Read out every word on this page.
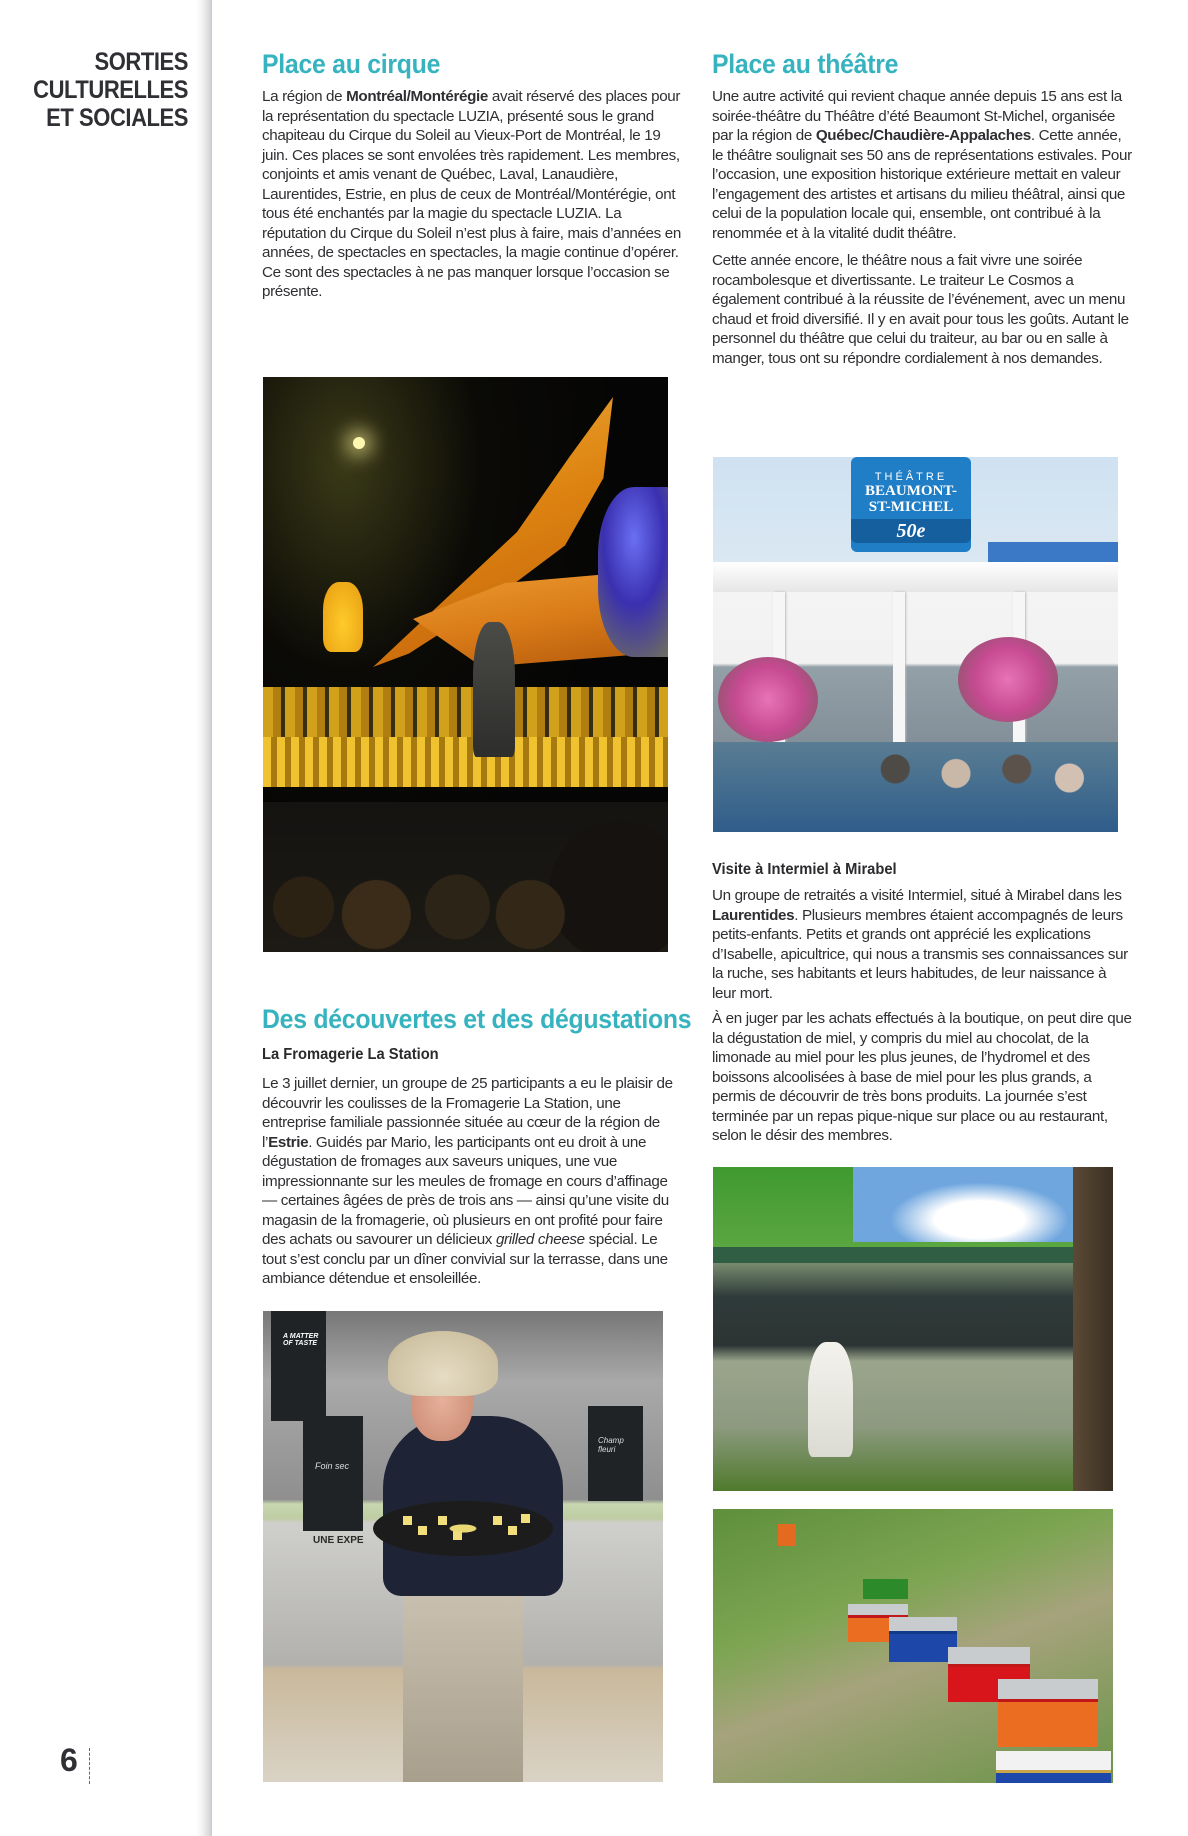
SORTIES
CULTURELLES
ET SOCIALES
6
Place au cirque

La région de Montréal/Montérégie avait réservé des places pour la représentation du spectacle LUZIA, présenté sous le grand chapiteau du Cirque du Soleil au Vieux-Port de Montréal, le 19 juin. Ces places se sont envolées très rapidement. Les membres, conjoints et amis venant de Québec, Laval, Lanaudière, Laurentides, Estrie, en plus de ceux de Montréal/Montérégie, ont tous été enchantés par la magie du spectacle LUZIA. La réputation du Cirque du Soleil n’est plus à faire, mais d’années en années, de spectacles en spectacles, la magie continue d’opérer. Ce sont des spectacles à ne pas manquer lorsque l’occasion se présente.

Des découvertes et des dégustations
La Fromagerie La Station

Le 3 juillet dernier, un groupe de 25 participants a eu le plaisir de découvrir les coulisses de la Fromagerie La Station, une entreprise familiale passionnée située au cœur de la région de l’Estrie. Guidés par Mario, les participants ont eu droit à une dégustation de fromages aux saveurs uniques, une vue impressionnante sur les meules de fromage en cours d’affinage — certaines âgées de près de trois ans — ainsi qu’une visite du magasin de la fromagerie, où plusieurs en ont profité pour faire des achats ou savourer un délicieux grilled cheese spécial. Le tout s’est conclu par un dîner convivial sur la terrasse, dans une ambiance détendue et ensoleillée.

A MATTER OF TASTE
Foin sec
Champ fleuri
UNE EXPE
Place au théâtre

Une autre activité qui revient chaque année depuis 15 ans est la soirée-théâtre du Théâtre d’été Beaumont St-Michel, organisée par la région de Québec/Chaudière-Appalaches. Cette année, le théâtre soulignait ses 50 ans de représentations estivales. Pour l’occasion, une exposition historique extérieure mettait en valeur l’engagement des artistes et artisans du milieu théâtral, ainsi que celui de la population locale qui, ensemble, ont contribué à la renommée et à la vitalité dudit théâtre.

Cette année encore, le théâtre nous a fait vivre une soirée rocambolesque et divertissante. Le traiteur Le Cosmos a également contribué à la réussite de l’événement, avec un menu chaud et froid diversifié. Il y en avait pour tous les goûts. Autant le personnel du théâtre que celui du traiteur, au bar ou en salle à manger, tous ont su répondre cordialement à nos demandes.

THÉÂTRE
BEAUMONT-
ST-MICHEL
50e
Visite à Intermiel à Mirabel

Un groupe de retraités a visité Intermiel, situé à Mirabel dans les Laurentides. Plusieurs membres étaient accompagnés de leurs petits-enfants. Petits et grands ont apprécié les explications d’Isabelle, apicultrice, qui nous a transmis ses connaissances sur la ruche, ses habitants et leurs habitudes, de leur naissance à leur mort.

À en juger par les achats effectués à la boutique, on peut dire que la dégustation de miel, y compris du miel au chocolat, de la limonade au miel pour les plus jeunes, de l’hydromel et des boissons alcoolisées à base de miel pour les plus grands, a permis de découvrir de très bons produits. La journée s’est terminée par un repas pique-nique sur place ou au restaurant, selon le désir des membres.
